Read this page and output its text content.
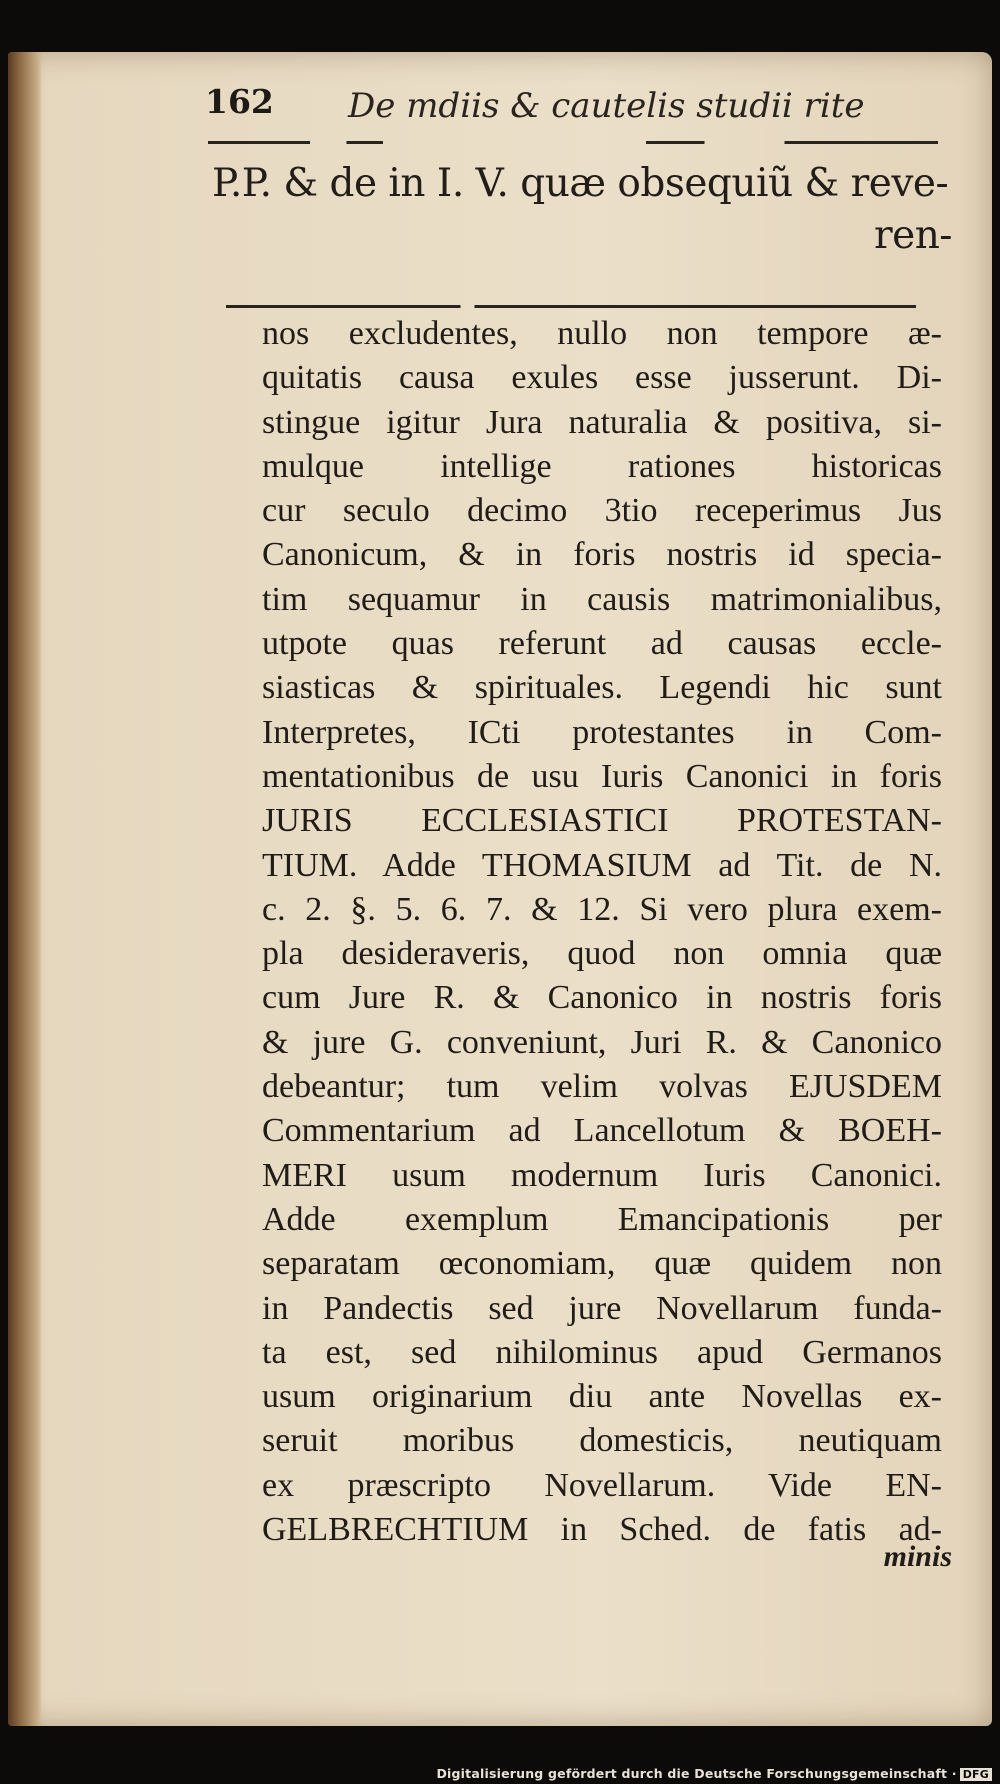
162 De mdiis & cautelis studii rite
P.P. & de in I. V. quæ obsequiũ & reve-
ren-
nos excludentes, nullo non tempore æ-
quitatis causa exules esse jusserunt. Di-
stingue igitur Jura naturalia & positiva, si-
mulque intellige rationes historicas
cur seculo decimo 3tio receperimus Jus
Canonicum, & in foris nostris id specia-
tim sequamur in causis matrimonialibus,
utpote quas referunt ad causas eccle-
siasticas & spirituales. Legendi hic sunt
Interpretes, ICti protestantes in Com-
mentationibus de usu Iuris Canonici in foris
JURIS ECCLESIASTICI PROTESTAN-
TIUM. Adde THOMASIUM ad Tit. de N.
c. 2. §. 5. 6. 7. & 12. Si vero plura exem-
pla desideraveris, quod non omnia quæ
cum Jure R. & Canonico in nostris foris
& jure G. conveniunt, Juri R. & Canonico
debeantur; tum velim volvas EJUSDEM
Commentarium ad Lancellotum & BOEH-
MERI usum modernum Iuris Canonici.
Adde exemplum Emancipationis per
separatam œconomiam, quæ quidem non
in Pandectis sed jure Novellarum funda-
ta est, sed nihilominus apud Germanos
usum originarium diu ante Novellas ex-
seruit moribus domesticis, neutiquam
ex præscripto Novellarum. Vide EN-
GELBRECHTIUM in Sched. de fatis ad-
minis
Digitalisierung gefördert durch die Deutsche Forschungsgemeinschaft · DFG
